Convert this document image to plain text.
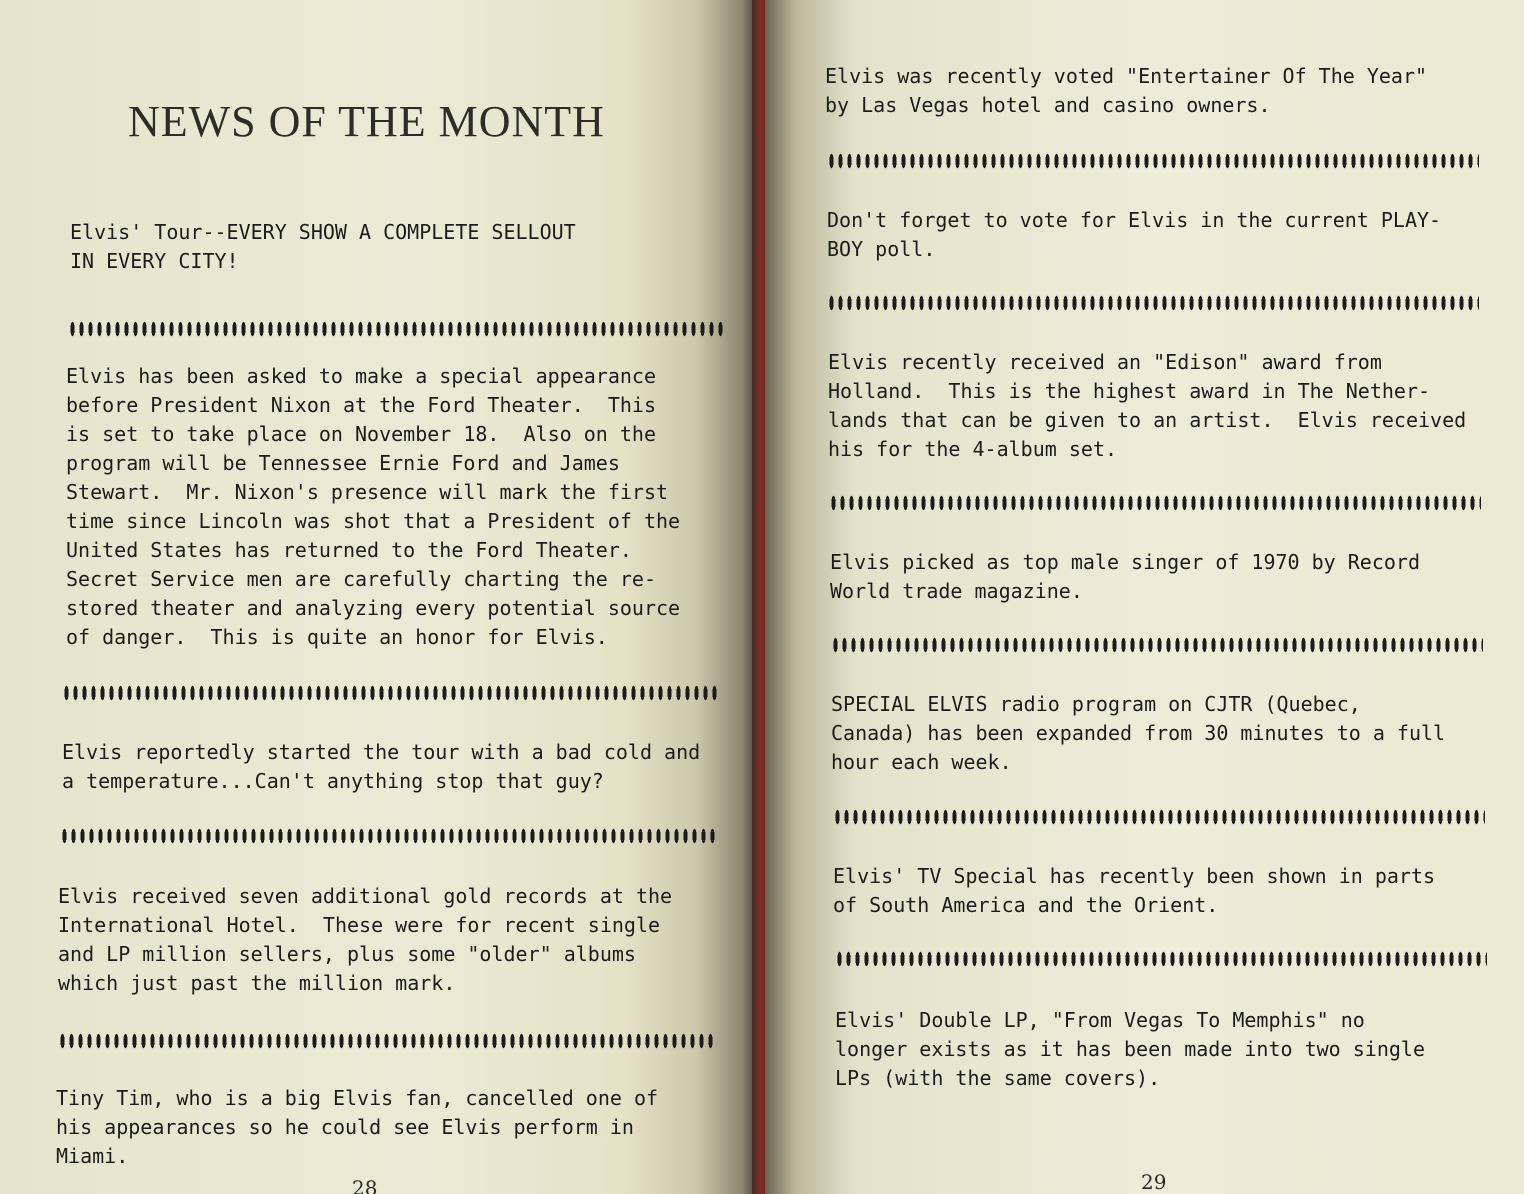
NEWS OF THE MONTH

Elvis' Tour--EVERY SHOW A COMPLETE SELLOUT
IN EVERY CITY!

Elvis has been asked to make a special appearance
before President Nixon at the Ford Theater.  This
is set to take place on November 18.  Also on the
program will be Tennessee Ernie Ford and James
Stewart.  Mr. Nixon's presence will mark the first
time since Lincoln was shot that a President of the
United States has returned to the Ford Theater.
Secret Service men are carefully charting the re-
stored theater and analyzing every potential source
of danger.  This is quite an honor for Elvis.

Elvis reportedly started the tour with a bad cold and
a temperature...Can't anything stop that guy?

Elvis received seven additional gold records at the
International Hotel.  These were for recent single
and LP million sellers, plus some "older" albums
which just past the million mark.

Tiny Tim, who is a big Elvis fan, cancelled one of
his appearances so he could see Elvis perform in
Miami.

28

Elvis was recently voted "Entertainer Of The Year"
by Las Vegas hotel and casino owners.

Don't forget to vote for Elvis in the current PLAY-
BOY poll.

Elvis recently received an "Edison" award from
Holland.  This is the highest award in The Nether-
lands that can be given to an artist.  Elvis received
his for the 4-album set.

Elvis picked as top male singer of 1970 by Record
World trade magazine.

SPECIAL ELVIS radio program on CJTR (Quebec,
Canada) has been expanded from 30 minutes to a full
hour each week.

Elvis' TV Special has recently been shown in parts
of South America and the Orient.

Elvis' Double LP, "From Vegas To Memphis" no
longer exists as it has been made into two single
LPs (with the same covers).

29
